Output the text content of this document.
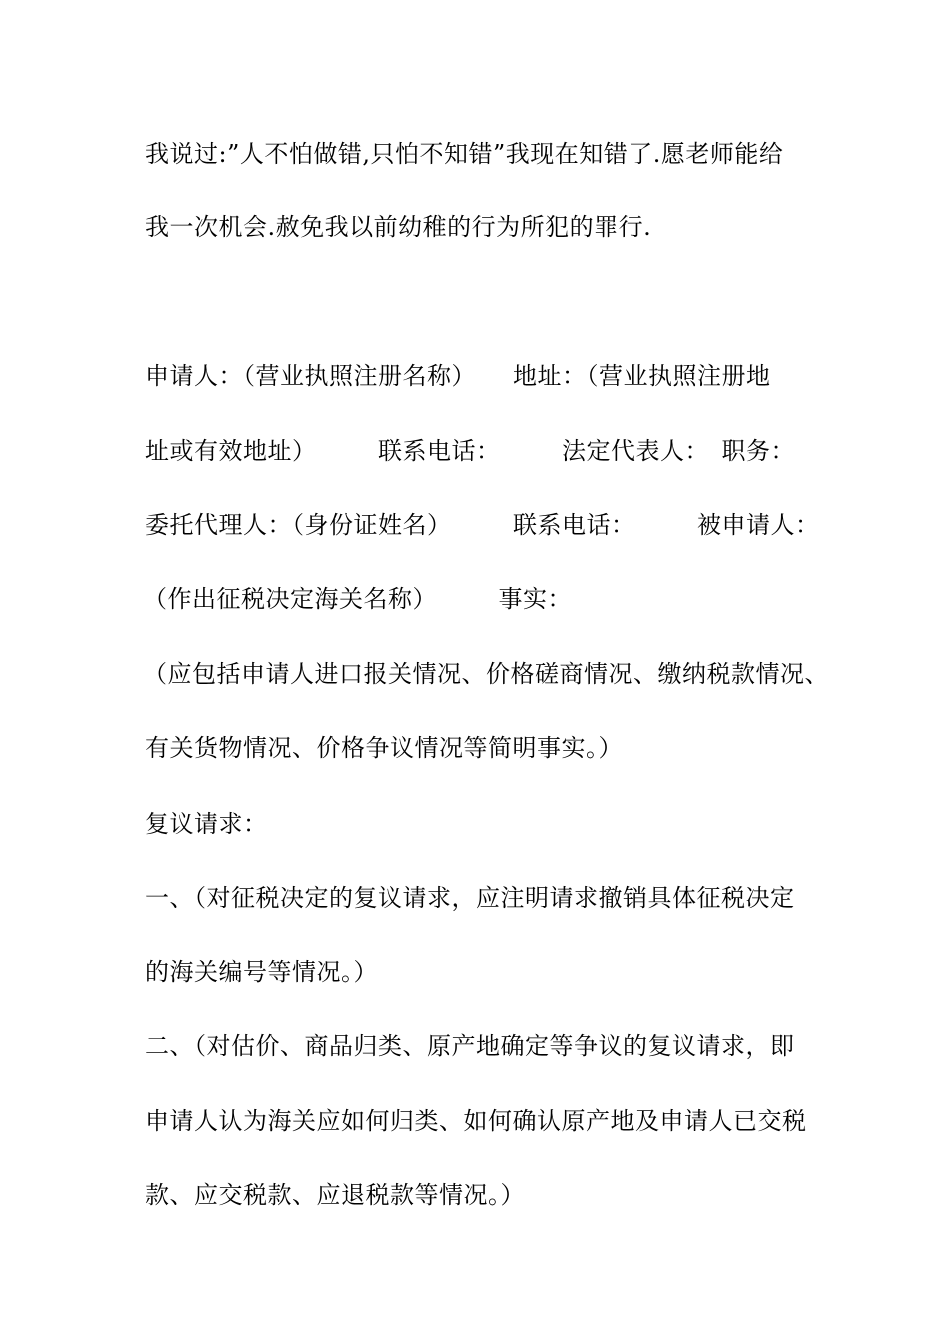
我说过:”人不怕做错,只怕不知错”我现在知错了.愿老师能给
我一次机会.赦免我以前幼稚的行为所犯的罪行.
申请人：（营业执照注册名称）　　地址：（营业执照注册地
址或有效地址）　　　联系电话：　　　法定代表人：　职务：
委托代理人：（身份证姓名）　　　联系电话：　　　被申请人：
（作出征税决定海关名称）　　　事实：
（应包括申请人进口报关情况、价格磋商情况、缴纳税款情况、
有关货物情况、价格争议情况等简明事实。）
复议请求：
一、（对征税决定的复议请求，应注明请求撤销具体征税决定
的海关编号等情况。）
二、（对估价、商品归类、原产地确定等争议的复议请求，即
申请人认为海关应如何归类、如何确认原产地及申请人已交税
款、应交税款、应退税款等情况。）
